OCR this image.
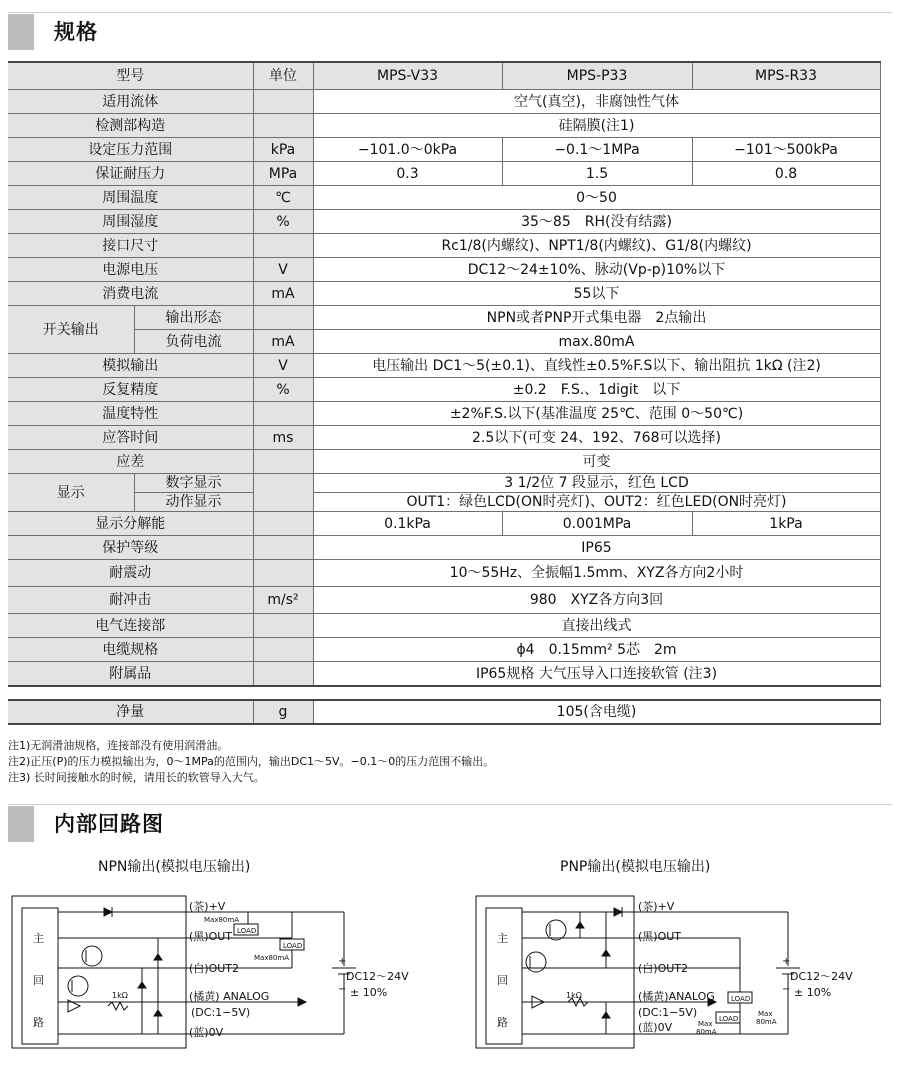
规格
型号		单位	MPS-V33	MPS-P33	MPS-R33
适用流体			空气(真空)，非腐蚀性气体		
检测部构造			硅隔膜(注1)		
设定压力范围		kPa	−101.0～0kPa	−0.1～1MPa	−101～500kPa
保证耐压力		MPa	0.3	1.5	0.8
周围温度		℃	0～50		
周围湿度		%	35～85　RH(没有结露)		
接口尺寸			Rc1/8(内螺纹)、NPT1/8(内螺纹)、G1/8(内螺纹)		
电源电压		V	DC12～24±10%、脉动(Vp-p)10%以下		
消费电流		mA	55以下		
开关输出	输出形态		NPN或者PNP开式集电器　2点输出		
	负荷电流	mA	max.80mA		
模拟输出		V	电压输出 DC1～5(±0.1)、直线性±0.5%F.S以下、输出阻抗 1kΩ (注2)		
反复精度		%	±0.2　F.S.、1digit　以下		
温度特性			±2%F.S.以下(基准温度 25℃、范围 0～50℃)		
应答时间		ms	2.5以下(可变 24、192、768可以选择)		
应差			可变		
显示	数字显示		3 1/2位 7 段显示，红色 LCD		
	动作显示		OUT1：绿色LCD(ON时亮灯)、OUT2：红色LED(ON时亮灯)		
显示分解能			0.1kPa	0.001MPa	1kPa
保护等级			IP65		
耐震动			10～55Hz、全振幅1.5mm、XYZ各方向2小时		
耐冲击		m/s²	980　XYZ各方向3回		
电气连接部			直接出线式		
电缆规格			ϕ4　0.15mm² 5芯　2m		
附属品			IP65规格 大气压导入口连接软管 (注3)		

净量		g	105(含电缆)		
注1)无润滑油规格，连接部没有使用润滑油。
注2)正压(P)的压力模拟输出为，0～1MPa的范围内，输出DC1～5V。−0.1～0的压力范围不输出。
注3) 长时间接触水的时候，请用长的软管导入大气。
内部回路图
NPN输出(模拟电压输出)	PNP输出(模拟电压输出)
主
回
路
LOAD
LOAD
(茶)+V
(黑)OUT
(白)OUT2
(橘黄) ANALOG
(DC:1−5V)
(蓝)0V
Max80mA
Max80mA
1kΩ
+
−
DC12～24V
± 10%
主
回
路
LOAD
LOAD
(茶)+V
(黑)OUT
(白)OUT2
(橘黄)ANALOG
(DC:1−5V)
(蓝)0V	Max
80mA
Max
80mA
1kΩ
+
−
DC12～24V
± 10%
